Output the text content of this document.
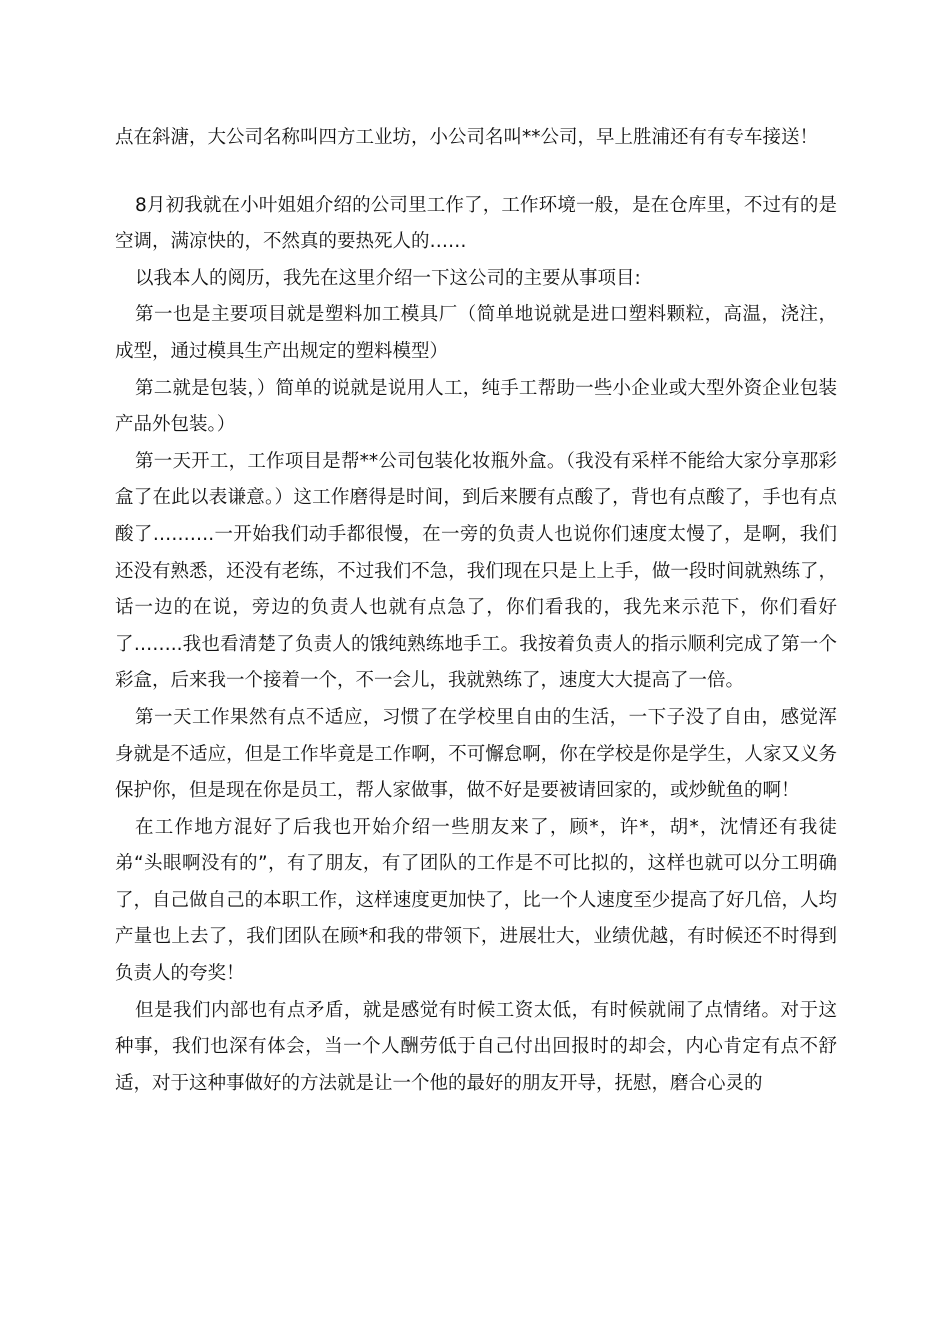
点在斜溏，大公司名称叫四方工业坊，小公司名叫**公司，早上胜浦还有有专车接送！

8月初我就在小叶姐姐介绍的公司里工作了，工作环境一般，是在仓库里，不过有的是空调，满凉快的，不然真的要热死人的……

以我本人的阅历，我先在这里介绍一下这公司的主要从事项目:

第一也是主要项目就是塑料加工模具厂（简单地说就是进口塑料颗粒，高温，浇注，成型，通过模具生产出规定的塑料模型）

第二就是包装，）简单的说就是说用人工，纯手工帮助一些小企业或大型外资企业包装产品外包装。）

第一天开工，工作项目是帮**公司包装化妆瓶外盒。（我没有采样不能给大家分享那彩盒了在此以表谦意。）这工作磨得是时间，到后来腰有点酸了，背也有点酸了，手也有点酸了……….一开始我们动手都很慢，在一旁的负责人也说你们速度太慢了，是啊，我们还没有熟悉，还没有老练，不过我们不急，我们现在只是上上手，做一段时间就熟练了，话一边的在说，旁边的负责人也就有点急了，你们看我的，我先来示范下，你们看好了……..我也看清楚了负责人的饿纯熟练地手工。我按着负责人的指示顺利完成了第一个彩盒，后来我一个接着一个，不一会儿，我就熟练了，速度大大提高了一倍。

第一天工作果然有点不适应，习惯了在学校里自由的生活，一下子没了自由，感觉浑身就是不适应，但是工作毕竟是工作啊，不可懈怠啊，你在学校是你是学生，人家又义务保护你，但是现在你是员工，帮人家做事，做不好是要被请回家的，或炒鱿鱼的啊！

在工作地方混好了后我也开始介绍一些朋友来了，顾*，许*，胡*，沈情还有我徒弟“头眼啊没有的”，有了朋友，有了团队的工作是不可比拟的，这样也就可以分工明确了，自己做自己的本职工作，这样速度更加快了，比一个人速度至少提高了好几倍，人均产量也上去了，我们团队在顾*和我的带领下，进展壮大，业绩优越，有时候还不时得到负责人的夸奖！

但是我们内部也有点矛盾，就是感觉有时候工资太低，有时候就闹了点情绪。对于这种事，我们也深有体会，当一个人酬劳低于自己付出回报时的却会，内心肯定有点不舒适，对于这种事做好的方法就是让一个他的最好的朋友开导，抚慰，磨合心灵的
